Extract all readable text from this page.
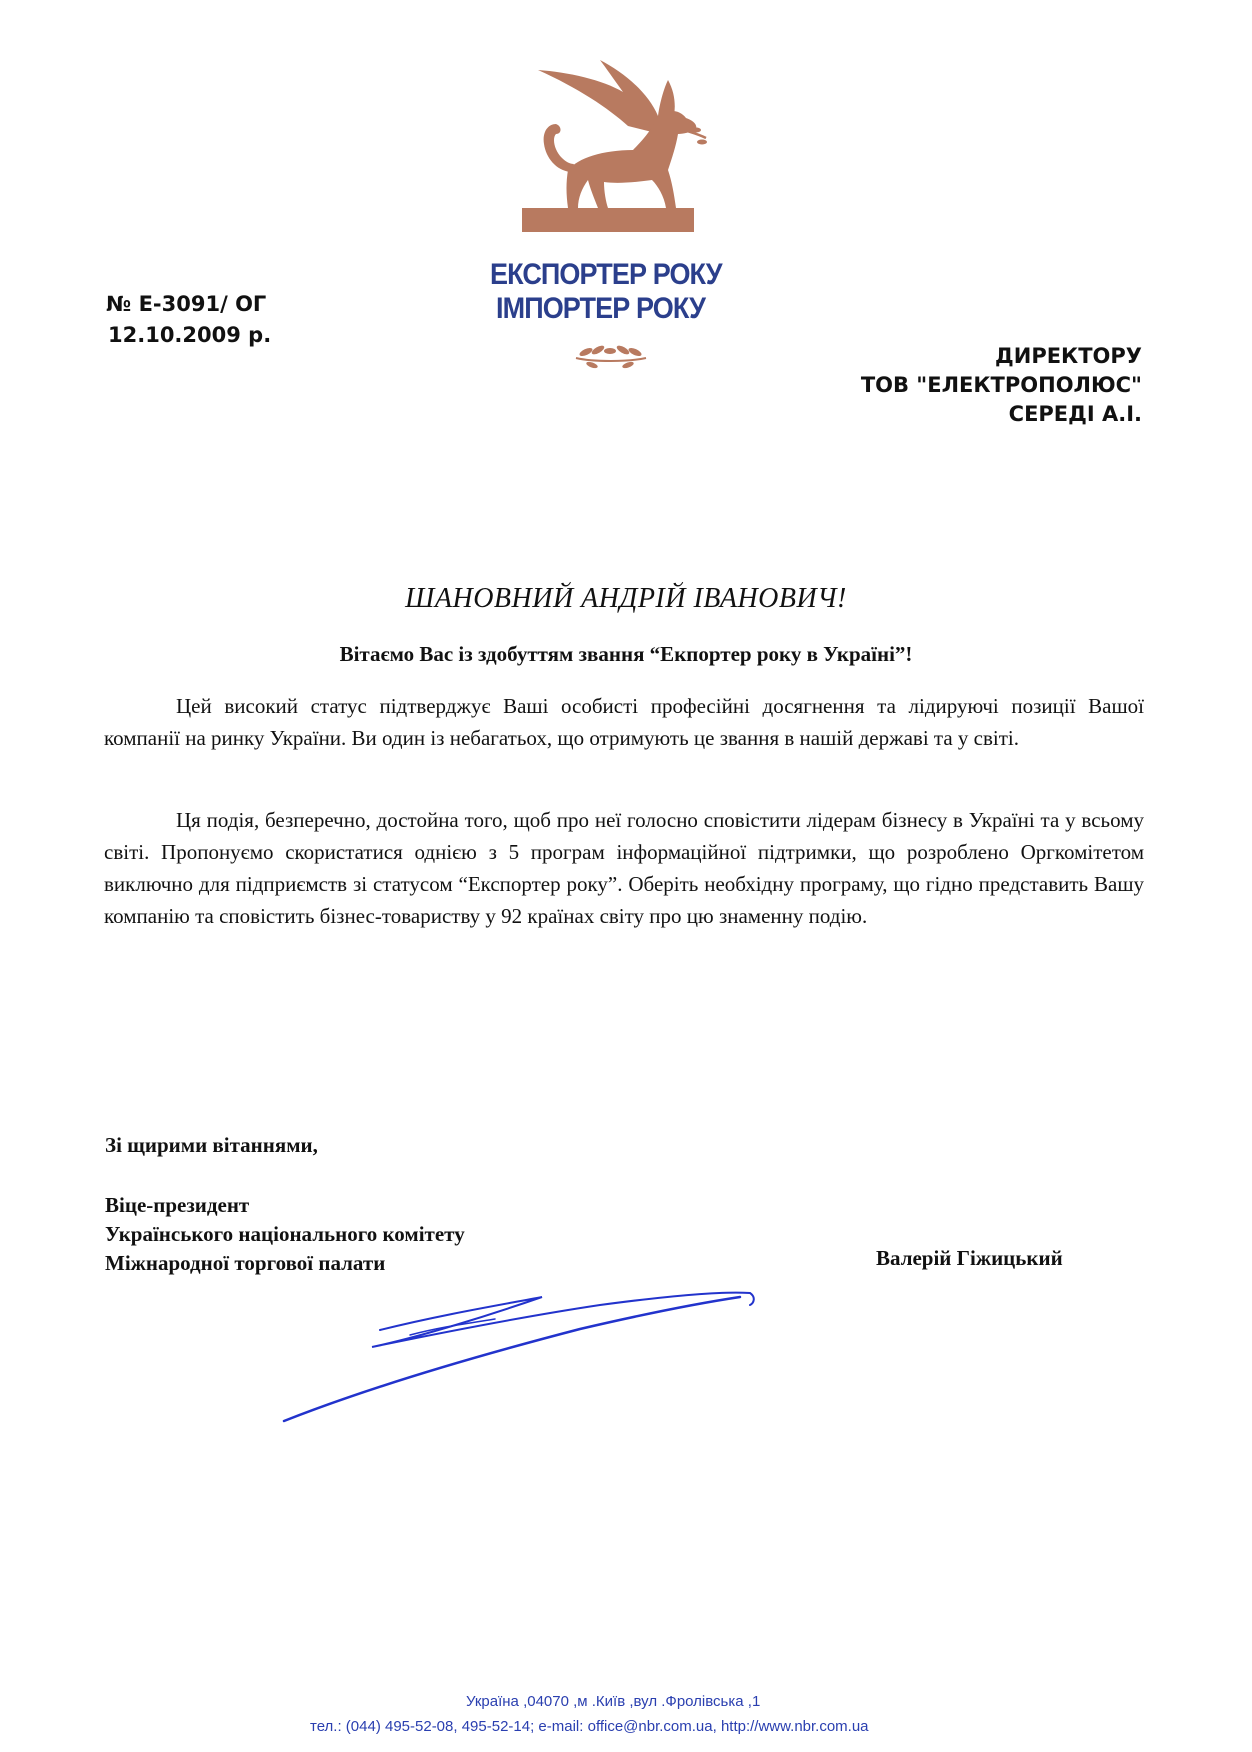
ЕКСПОРТЕР РОКУ
ІМПОРТЕР РОКУ
№ Е-3091/ ОГ
12.10.2009 р.
ДИРЕКТОРУ
ТОВ "ЕЛЕКТРОПОЛЮС"
СЕРЕДІ А.І.
ШАНОВНИЙ АНДРІЙ ІВАНОВИЧ!
Вітаємо Вас із здобуттям звання “Екпортер року в Україні”!

Цей високий статус підтверджує Ваші особисті професійні досягнення та лідируючі позиції Вашої компанії на ринку України. Ви один із небагатьох, що отримують це звання в нашій державі та у світі.

Ця подія, безперечно, достойна того, щоб про неї голосно сповістити лідерам бізнесу в Україні та у всьому світі. Пропонуємо скористатися однією з 5 програм інформаційної підтримки, що розроблено Оргкомітетом виключно для підприємств зі статусом “Експортер року”. Оберіть необхідну програму, що гідно представить Вашу компанію та сповістить бізнес-товариству у 92 країнах світу про цю знаменну подію.

Зі щирими вітаннями,
Віце-президент
Українського національного комітету
Міжнародної торгової палати	Валерій Гіжицький
Україна ,04070 ,м .Київ ,вул .Фролівська ,1
тел.: (044) 495-52-08, 495-52-14; e-mail: office@nbr.com.ua, http://www.nbr.com.ua
